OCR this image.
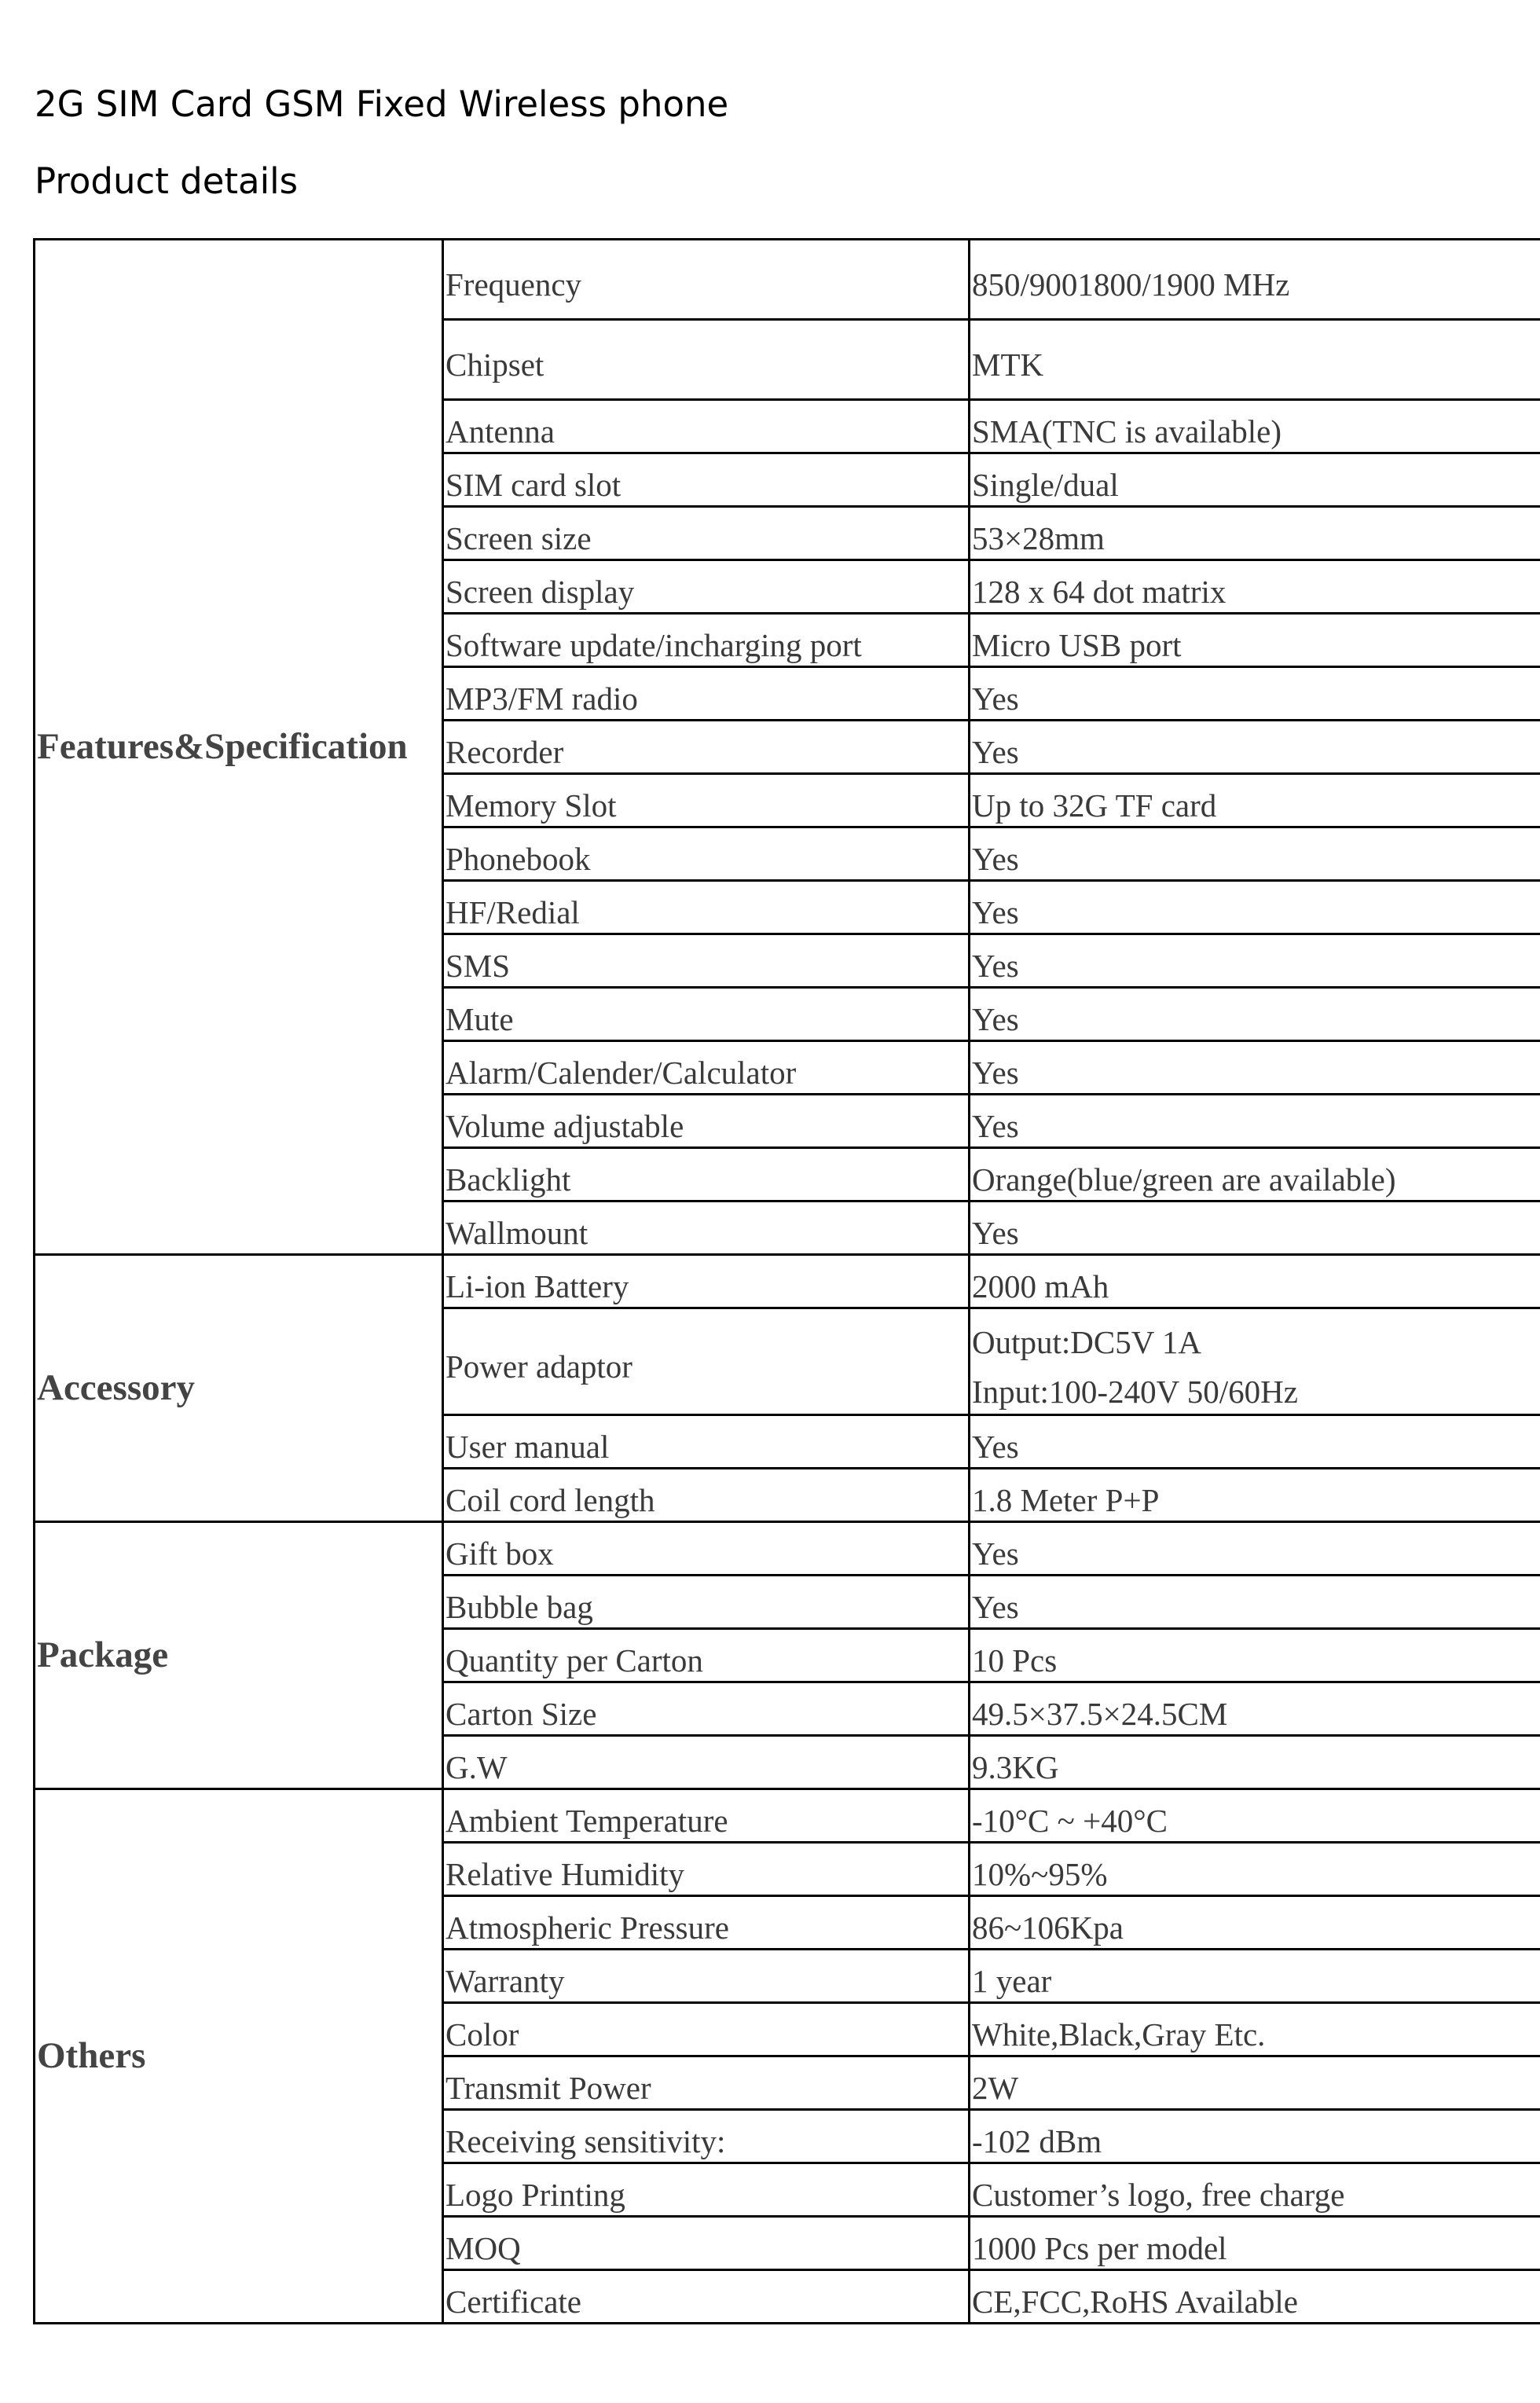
2G SIM Card GSM Fixed Wireless phone
Product details
Features&Specification	Frequency	850/9001800/1900 MHz
	Chipset	MTK
	Antenna	SMA(TNC is available)
	SIM card slot	Single/dual
	Screen size	53×28mm
	Screen display	128 x 64 dot matrix
	Software update/incharging port	Micro USB port
	MP3/FM radio	Yes
	Recorder	Yes
	Memory Slot	Up to 32G TF card
	Phonebook	Yes
	HF/Redial	Yes
	SMS	Yes
	Mute	Yes
	Alarm/Calender/Calculator	Yes
	Volume adjustable	Yes
	Backlight	Orange(blue/green are available)
	Wallmount	Yes
Accessory	Li-ion Battery	2000 mAh
	Power adaptor	Output:DC5V 1A
Input:100-240V 50/60Hz

	User manual	Yes
	Coil cord length	1.8 Meter P+P
Package	Gift box	Yes
	Bubble bag	Yes
	Quantity per Carton	10 Pcs
	Carton Size	49.5×37.5×24.5CM
	G.W	9.3KG
Others	Ambient Temperature	-10°C ~ +40°C
	Relative Humidity	10%~95%
	Atmospheric Pressure	86~106Kpa
	Warranty	1 year
	Color	White,Black,Gray Etc.
	Transmit Power	2W
	Receiving sensitivity:	-102 dBm
	Logo Printing	Customer’s logo, free charge
	MOQ	1000 Pcs per model
	Certificate	CE,FCC,RoHS Available
